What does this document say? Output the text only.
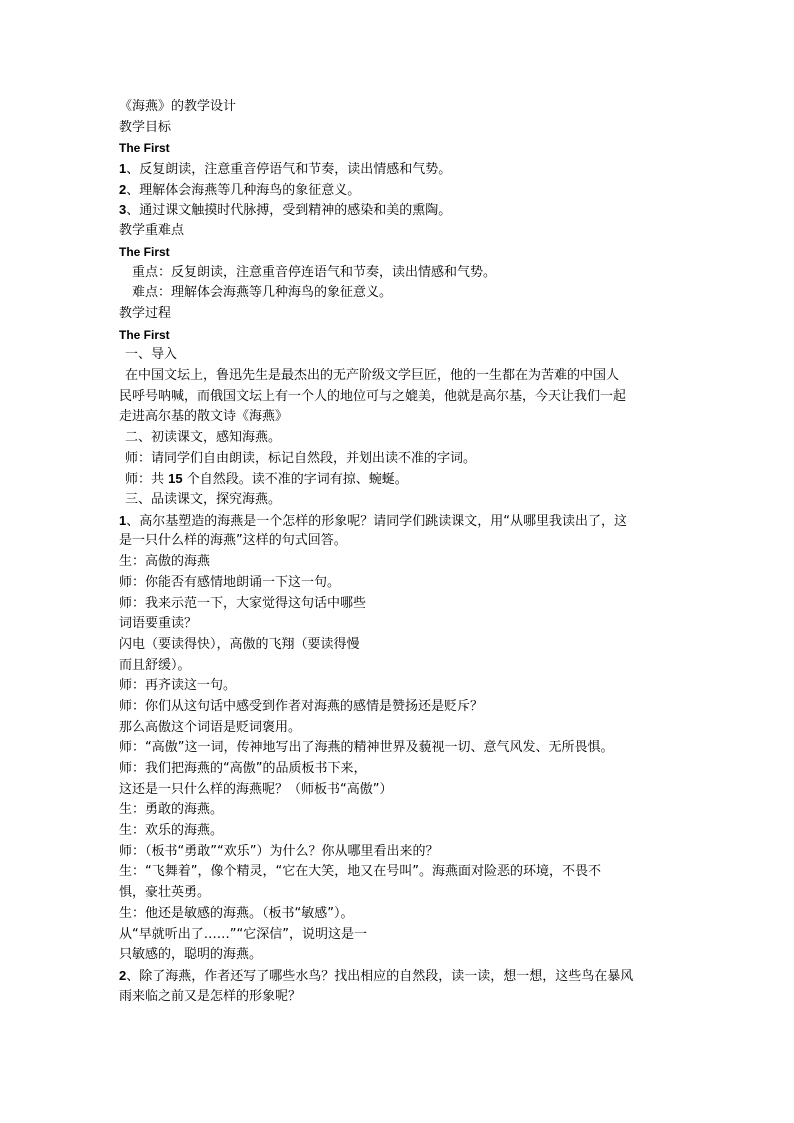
《海燕》的教学设计
教学目标
The First
1、反复朗读，注意重音停语气和节奏，读出情感和气势。
2、理解体会海燕等几种海鸟的象征意义。
3、通过课文触摸时代脉搏，受到精神的感染和美的熏陶。
教学重难点
The First
重点：反复朗读，注意重音停连语气和节奏，读出情感和气势。
难点：理解体会海燕等几种海鸟的象征意义。
教学过程
The First
一、导入
在中国文坛上，鲁迅先生是最杰出的无产阶级文学巨匠，他的一生都在为苦难的中国人
民呼号呐喊，而俄国文坛上有一个人的地位可与之媲美，他就是高尔基，今天让我们一起
走进高尔基的散文诗《海燕》
二、初读课文，感知海燕。
师：请同学们自由朗读，标记自然段，并划出读不准的字词。
师：共 15 个自然段。读不准的字词有掠、蜿蜒。
三、品读课文，探究海燕。
1、高尔基塑造的海燕是一个怎样的形象呢？请同学们跳读课文，用“从哪里我读出了，这
是一只什么样的海燕”这样的句式回答。
生：高傲的海燕
师：你能否有感情地朗诵一下这一句。
师：我来示范一下，大家觉得这句话中哪些
词语要重读？
闪电（要读得快），高傲的飞翔（要读得慢
而且舒缓）。
师：再齐读这一句。
师：你们从这句话中感受到作者对海燕的感情是赞扬还是贬斥？
那么高傲这个词语是贬词褒用。
师：“高傲”这一词，传神地写出了海燕的精神世界及藐视一切、意气风发、无所畏惧。
师：我们把海燕的“高傲”的品质板书下来，
这还是一只什么样的海燕呢？（师板书“高傲”）
生：勇敢的海燕。
生：欢乐的海燕。
师：（板书“勇敢”“欢乐”）为什么？你从哪里看出来的？
生：“飞舞着”，像个精灵，“它在大笑，地又在号叫”。海燕面对险恶的环境，不畏不
惧，豪壮英勇。
生：他还是敏感的海燕。（板书“敏感”）。
从“早就听出了……”“它深信”，说明这是一
只敏感的，聪明的海燕。
2、除了海燕，作者还写了哪些水鸟？找出相应的自然段，读一读，想一想，这些鸟在暴风
雨来临之前又是怎样的形象呢？
